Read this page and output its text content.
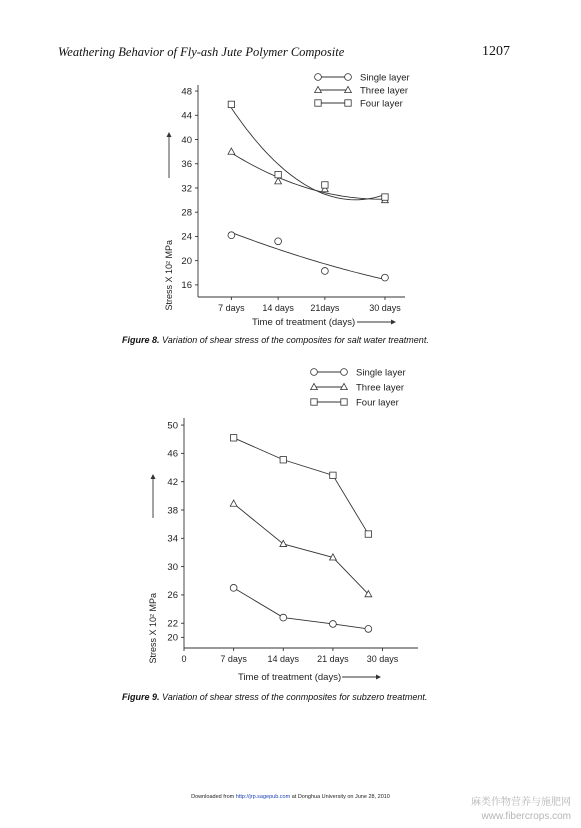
Weathering Behavior of Fly-ash Jute Polymer Composite	1207
16
20
24
28
32
36
40
44
48
7 days 14 days 21days	30 days
Stress X 10² MPa
Time of treatment (days)
Single layer
Three layer
Four layer
Figure 8. Variation of shear stress of the composites for salt water treatment.
20
22
26
30
34
38
42
46
50
0	7 days 14 days 21 days 30 days
Stress X 10² MPa
Time of treatment (days)
Single layer
Three layer
Four layer
Figure 9. Variation of shear stress of the conmposites for subzero treatment.
Downloaded from http://jrp.sagepub.com at Donghua University on June 28, 2010	麻类作物营养与施肥网
www.fibercrops.com
